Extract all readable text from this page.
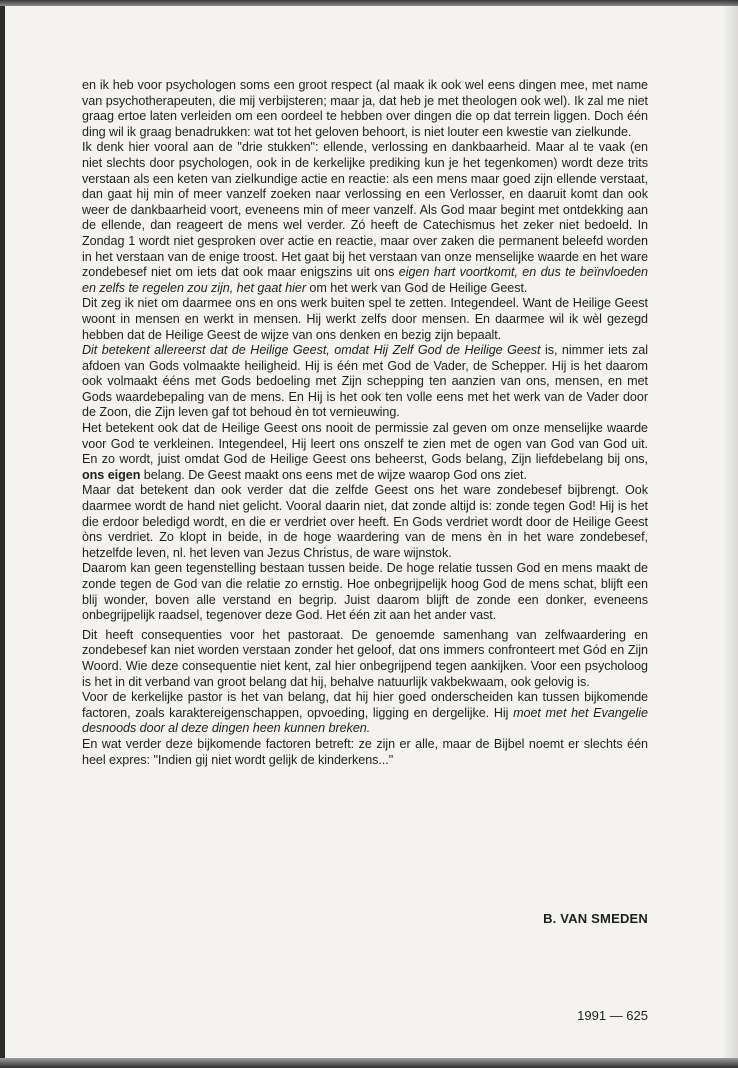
en ik heb voor psychologen soms een groot respect (al maak ik ook wel eens dingen mee, met name van psychotherapeuten, die mij verbijsteren; maar ja, dat heb je met theologen ook wel). Ik zal me niet graag ertoe laten verleiden om een oordeel te hebben over dingen die op dat terrein liggen. Doch één ding wil ik graag benadrukken: wat tot het geloven behoort, is niet louter een kwestie van zielkunde.

Ik denk hier vooral aan de "drie stukken": ellende, verlossing en dankbaarheid. Maar al te vaak (en niet slechts door psychologen, ook in de kerkelijke prediking kun je het tegenkomen) wordt deze trits verstaan als een keten van zielkundige actie en reactie: als een mens maar goed zijn ellende verstaat, dan gaat hij min of meer vanzelf zoeken naar verlossing en een Verlosser, en daaruit komt dan ook weer de dankbaarheid voort, eveneens min of meer vanzelf. Als God maar begint met ontdekking aan de ellende, dan reageert de mens wel verder. Zó heeft de Catechismus het zeker niet bedoeld. In Zondag 1 wordt niet gesproken over actie en reactie, maar over zaken die permanent beleefd worden in het verstaan van de enige troost. Het gaat bij het verstaan van onze menselijke waarde en het ware zondebesef niet om iets dat ook maar enigszins uit ons eigen hart voortkomt, en dus te beïnvloeden en zelfs te regelen zou zijn, het gaat hier om het werk van God de Heilige Geest.

Dit zeg ik niet om daarmee ons en ons werk buiten spel te zetten. Integendeel. Want de Heilige Geest woont in mensen en werkt in mensen. Hij werkt zelfs door mensen. En daarmee wil ik wèl gezegd hebben dat de Heilige Geest de wijze van ons denken en bezig zijn bepaalt.

Dit betekent allereerst dat de Heilige Geest, omdat Hij Zelf God de Heilige Geest is, nimmer iets zal afdoen van Gods volmaakte heiligheid. Hij is één met God de Vader, de Schepper. Hij is het daarom ook volmaakt ééns met Gods bedoeling met Zijn schepping ten aanzien van ons, mensen, en met Gods waardebepaling van de mens. En Hij is het ook ten volle eens met het werk van de Vader door de Zoon, die Zijn leven gaf tot behoud èn tot vernieuwing.

Het betekent ook dat de Heilige Geest ons nooit de permissie zal geven om onze menselijke waarde voor God te verkleinen. Integendeel, Hij leert ons onszelf te zien met de ogen van God van God uit. En zo wordt, juist omdat God de Heilige Geest ons beheerst, Gods belang, Zijn liefdebelang bij ons, ons eigen belang. De Geest maakt ons eens met de wijze waarop God ons ziet.

Maar dat betekent dan ook verder dat die zelfde Geest ons het ware zondebesef bijbrengt. Ook daarmee wordt de hand niet gelicht. Vooral daarin niet, dat zonde altijd is: zonde tegen God! Hij is het die erdoor beledigd wordt, en die er verdriet over heeft. En Gods verdriet wordt door de Heilige Geest òns verdriet. Zo klopt in beide, in de hoge waardering van de mens èn in het ware zondebesef, hetzelfde leven, nl. het leven van Jezus Christus, de ware wijnstok.

Daarom kan geen tegenstelling bestaan tussen beide. De hoge relatie tussen God en mens maakt de zonde tegen de God van die relatie zo ernstig. Hoe onbegrijpelijk hoog God de mens schat, blijft een blij wonder, boven alle verstand en begrip. Juist daarom blijft de zonde een donker, eveneens onbegrijpelijk raadsel, tegenover deze God. Het één zit aan het ander vast.

Dit heeft consequenties voor het pastoraat. De genoemde samenhang van zelfwaardering en zondebesef kan niet worden verstaan zonder het geloof, dat ons immers confronteert met Gód en Zijn Woord. Wie deze consequentie niet kent, zal hier onbegrijpend tegen aankijken. Voor een psycholoog is het in dit verband van groot belang dat hij, behalve natuurlijk vakbekwaam, ook gelovig is.

Voor de kerkelijke pastor is het van belang, dat hij hier goed onderscheiden kan tussen bijkomende factoren, zoals karaktereigenschappen, opvoeding, ligging en dergelijke. Hij moet met het Evangelie desnoods door al deze dingen heen kunnen breken.

En wat verder deze bijkomende factoren betreft: ze zijn er alle, maar de Bijbel noemt er slechts één heel expres: "Indien gij niet wordt gelijk de kinderkens..."

B. VAN SMEDEN
1991 — 625
